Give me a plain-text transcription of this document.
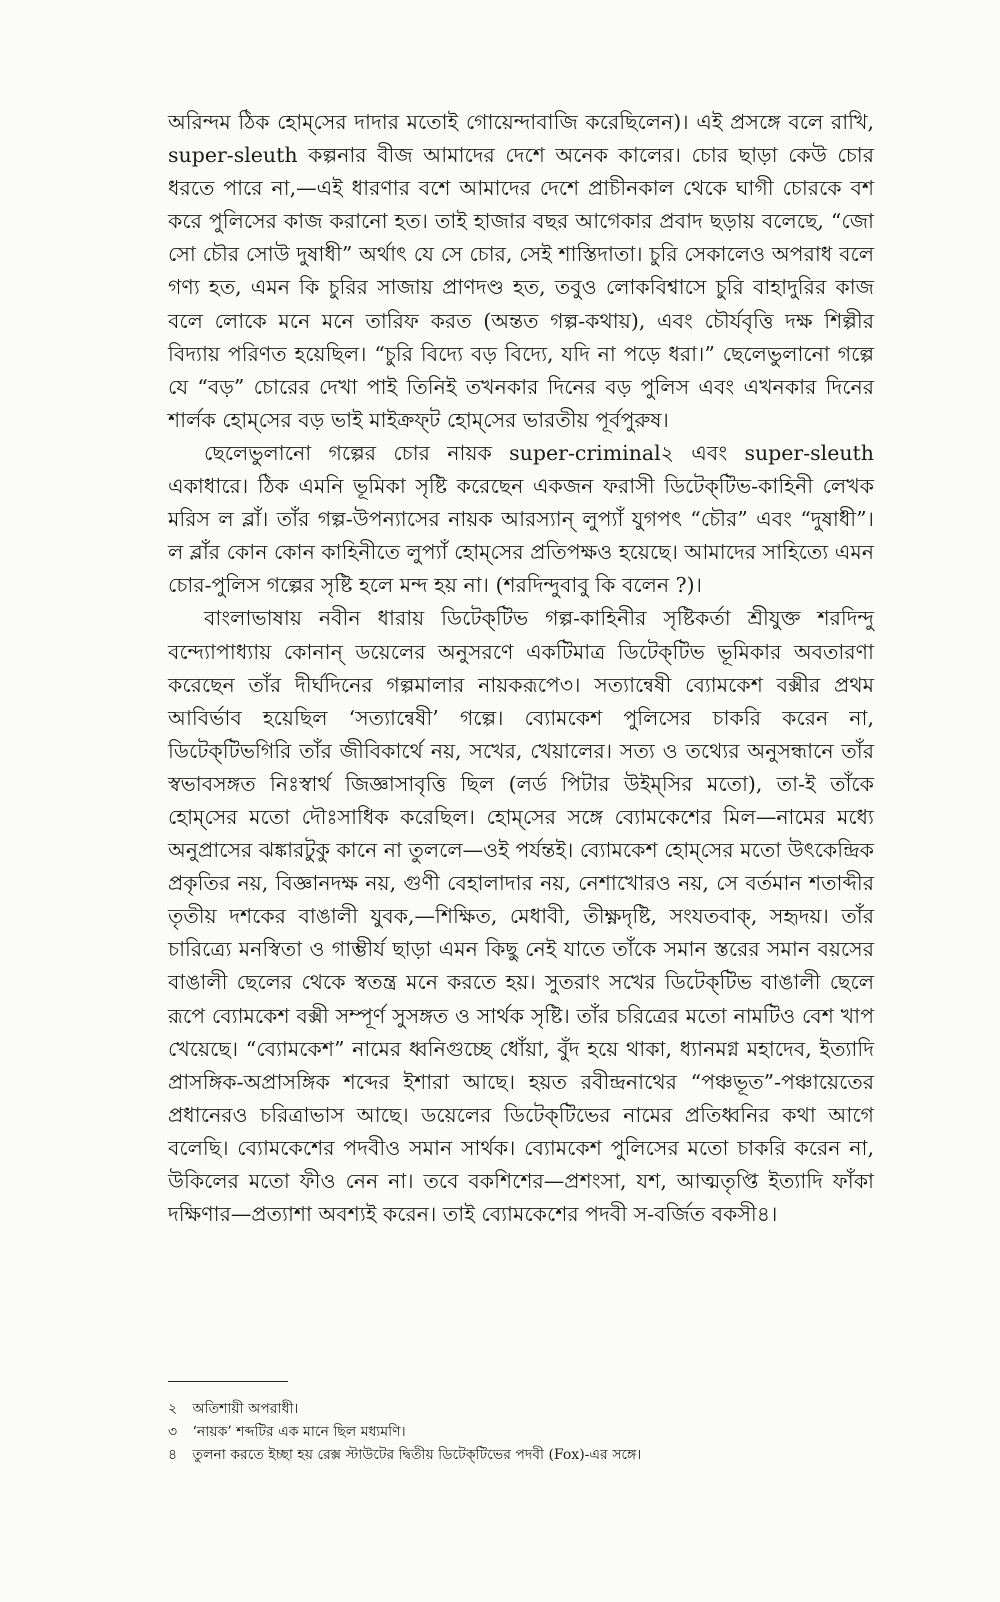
অরিন্দম ঠিক হোম্‌সের দাদার মতোই গোয়েন্দাবাজি করেছিলেন)। এই প্রসঙ্গে বলে রাখি, super-sleuth কল্পনার বীজ আমাদের দেশে অনেক কালের। চোর ছাড়া কেউ চোর ধরতে পারে না,—এই ধারণার বশে আমাদের দেশে প্রাচীনকাল থেকে ঘাগী চোরকে বশ করে পুলিসের কাজ করানো হত। তাই হাজার বছর আগেকার প্রবাদ ছড়ায় বলেছে, “জো সো চৌর সোউ দুষাধী” অর্থাৎ যে সে চোর, সেই শাস্তিদাতা। চুরি সেকালেও অপরাধ বলে গণ্য হত, এমন কি চুরির সাজায় প্রাণদণ্ড হত, তবুও লোকবিশ্বাসে চুরি বাহাদুরির কাজ বলে লোকে মনে মনে তারিফ করত (অন্তত গল্প-কথায়), এবং চৌর্যবৃত্তি দক্ষ শিল্পীর বিদ্যায় পরিণত হয়েছিল। “চুরি বিদ্যে বড় বিদ্যে, যদি না পড়ে ধরা।” ছেলেভুলানো গল্পে যে “বড়” চোরের দেখা পাই তিনিই তখনকার দিনের বড় পুলিস এবং এখনকার দিনের শার্লক হোম্‌সের বড় ভাই মাইক্রফ্‌ট হোম্‌সের ভারতীয় পূর্বপুরুষ।

ছেলেভুলানো গল্পের চোর নায়ক super-criminal২ এবং super-sleuth একাধারে। ঠিক এমনি ভূমিকা সৃষ্টি করেছেন একজন ফরাসী ডিটেক্‌টিভ-কাহিনী লেখক মরিস ল ব্লাঁ। তাঁর গল্প-উপন্যাসের নায়ক আরস্যান্ লুপ্যাঁ যুগপৎ “চৌর” এবং “দুষাধী”। ল ব্লাঁর কোন কোন কাহিনীতে লুপ্যাঁ হোম্‌সের প্রতিপক্ষও হয়েছে। আমাদের সাহিত্যে এমন চোর-পুলিস গল্পের সৃষ্টি হলে মন্দ হয় না। (শরদিন্দুবাবু কি বলেন ?)।

বাংলাভাষায় নবীন ধারায় ডিটেক্‌টিভ গল্প-কাহিনীর সৃষ্টিকর্তা শ্রীযুক্ত শরদিন্দু বন্দ্যোপাধ্যায় কোনান্ ডয়েলের অনুসরণে একটিমাত্র ডিটেক্‌টিভ ভূমিকার অবতারণা করেছেন তাঁর দীর্ঘদিনের গল্পমালার নায়করূপে৩। সত্যান্বেষী ব্যোমকেশ বক্সীর প্রথম আবির্ভাব হয়েছিল ‘সত্যান্বেষী’ গল্পে। ব্যোমকেশ পুলিসের চাকরি করেন না, ডিটেক্‌টিভগিরি তাঁর জীবিকার্থে নয়, সখের, খেয়ালের। সত্য ও তথ্যের অনুসন্ধানে তাঁর স্বভাবসঙ্গত নিঃস্বার্থ জিজ্ঞাসাবৃত্তি ছিল (লর্ড পিটার উইম্‌সির মতো), তা-ই তাঁকে হোম্‌সের মতো দৌঃসাধিক করেছিল। হোম্‌সের সঙ্গে ব্যোমকেশের মিল—নামের মধ্যে অনুপ্রাসের ঝঙ্কারটুকু কানে না তুললে—ওই পর্যন্তই। ব্যোমকেশ হোম্‌সের মতো উৎকেন্দ্রিক প্রকৃতির নয়, বিজ্ঞানদক্ষ নয়, গুণী বেহালাদার নয়, নেশাখোরও নয়, সে বর্তমান শতাব্দীর তৃতীয় দশকের বাঙালী যুবক,—শিক্ষিত, মেধাবী, তীক্ষ্ণদৃষ্টি, সংযতবাক্, সহৃদয়। তাঁর চারিত্র্যে মনস্বিতা ও গাম্ভীর্য ছাড়া এমন কিছু নেই যাতে তাঁকে সমান স্তরের সমান বয়সের বাঙালী ছেলের থেকে স্বতন্ত্র মনে করতে হয়। সুতরাং সখের ডিটেক্‌টিভ বাঙালী ছেলে রূপে ব্যোমকেশ বক্সী সম্পূর্ণ সুসঙ্গত ও সার্থক সৃষ্টি। তাঁর চরিত্রের মতো নামটিও বেশ খাপ খেয়েছে। “ব্যোমকেশ” নামের ধ্বনিগুচ্ছে ধোঁয়া, বুঁদ হয়ে থাকা, ধ্যানমগ্ন মহাদেব, ইত্যাদি প্রাসঙ্গিক-অপ্রাসঙ্গিক শব্দের ইশারা আছে। হয়ত রবীন্দ্রনাথের “পঞ্চভূত”-পঞ্চায়েতের প্রধানেরও চরিত্রাভাস আছে। ডয়েলের ডিটেক্‌টিভের নামের প্রতিধ্বনির কথা আগে বলেছি। ব্যোমকেশের পদবীও সমান সার্থক। ব্যোমকেশ পুলিসের মতো চাকরি করেন না, উকিলের মতো ফীও নেন না। তবে বকশিশের—প্রশংসা, যশ, আত্মতৃপ্তি ইত্যাদি ফাঁকা দক্ষিণার—প্রত্যাশা অবশ্যই করেন। তাই ব্যোমকেশের পদবী স-বর্জিত বকসী৪।

২ অতিশায়ী অপরাধী।

৩ ‘নায়ক’ শব্দটির এক মানে ছিল মধ্যমণি।

৪ তুলনা করতে ইচ্ছা হয় রেক্স স্টাউটের দ্বিতীয় ডিটেক্‌টিভের পদবী (Fox)-এর সঙ্গে।
